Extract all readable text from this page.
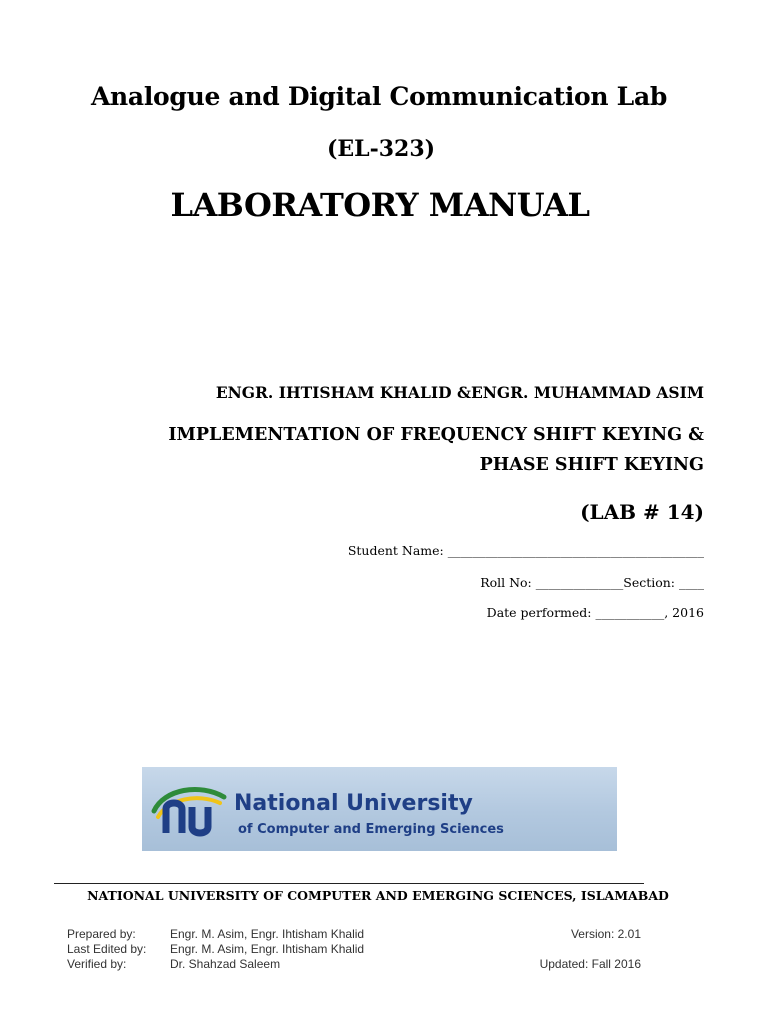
Analogue and Digital Communication Lab
(EL-323)
LABORATORY MANUAL
ENGR. IHTISHAM KHALID &ENGR. MUHAMMAD ASIM
IMPLEMENTATION OF FREQUENCY SHIFT KEYING &
PHASE SHIFT KEYING
(LAB # 14)
Student Name: _________________________________________
Roll No: ______________Section: ____
Date performed: ___________, 2016
National University
of Computer and Emerging Sciences
NATIONAL UNIVERSITY OF COMPUTER AND EMERGING SCIENCES, ISLAMABAD
Prepared by:	Engr. M. Asim, Engr. Ihtisham Khalid	Version: 2.01
Last Edited by: Engr. M. Asim, Engr. Ihtisham Khalid
Verified by:	Dr. Shahzad Saleem	Updated: Fall 2016
